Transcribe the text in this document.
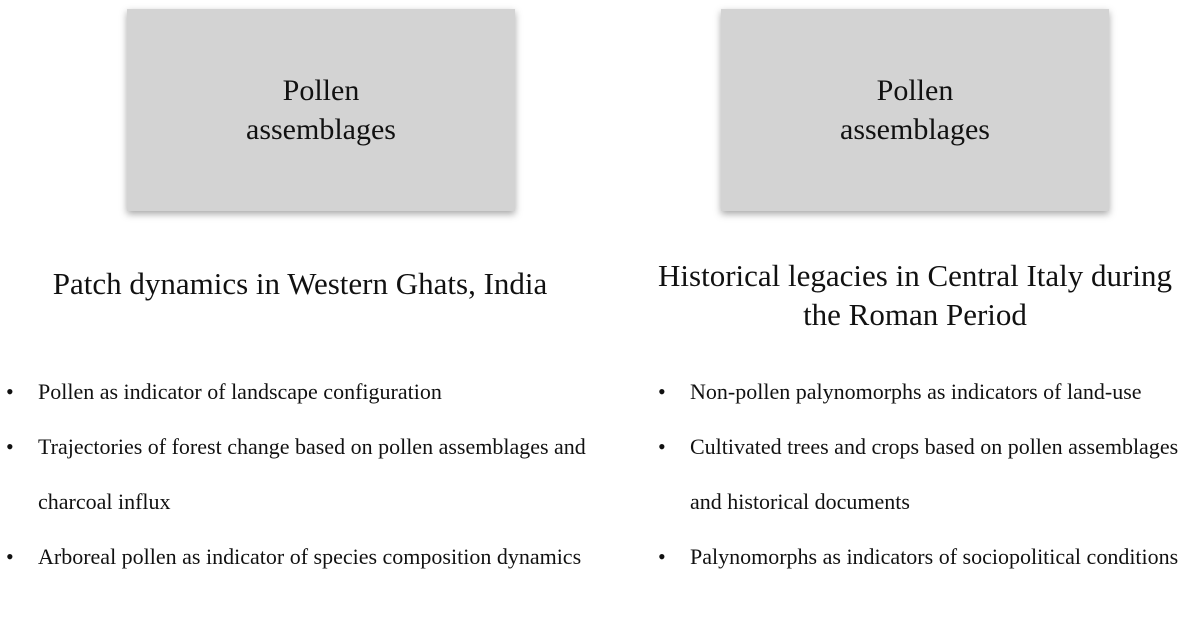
Pollen assemblages
Pollen assemblages
Patch dynamics in Western Ghats, India	Historical legacies in Central Italy during the Roman Period
• Pollen as indicator of landscape configuration
• Trajectories of forest change based on pollen assemblages and charcoal influx
• Arboreal pollen as indicator of species composition dynamics
• Non-pollen palynomorphs as indicators of land-use
• Cultivated trees and crops based on pollen assemblages and historical documents
• Palynomorphs as indicators of sociopolitical conditions
